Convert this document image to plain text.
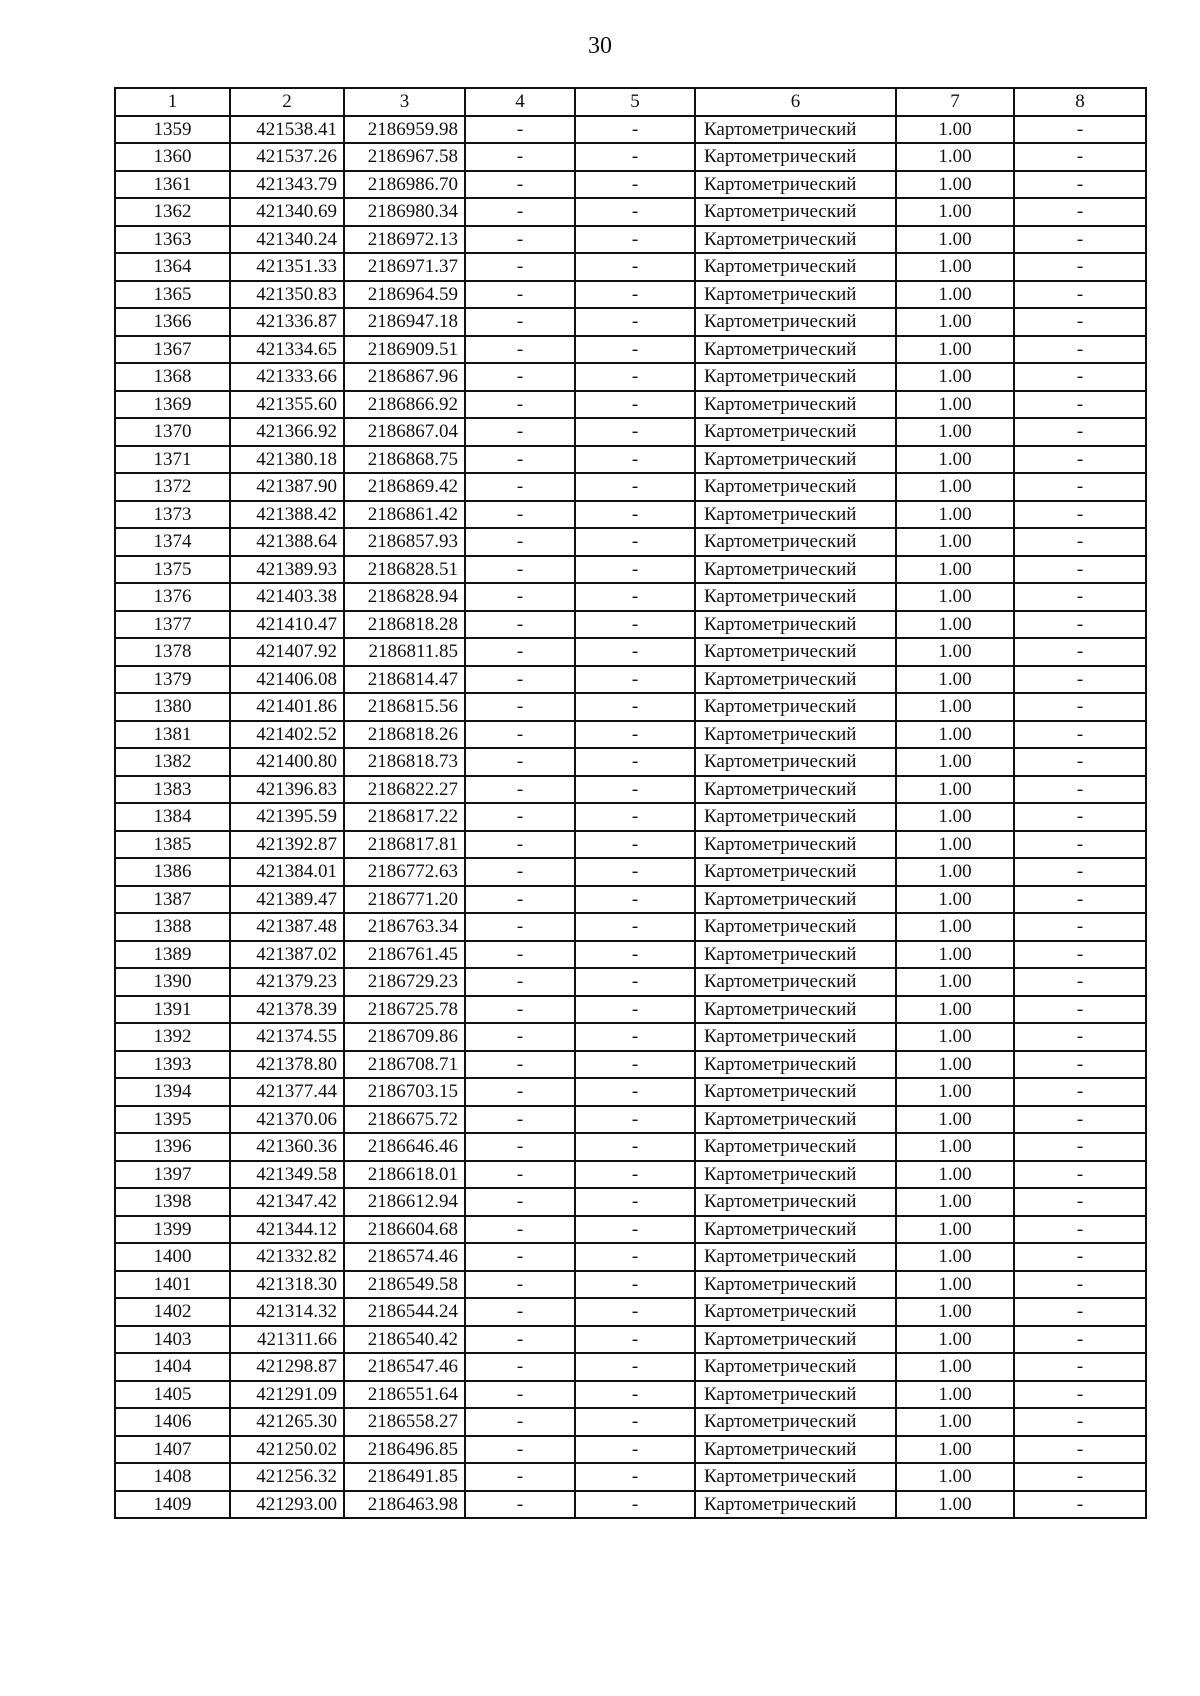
30
1	2	3	4	5	6	7	8
1359	421538.41	2186959.98	-	-	Картометрический	1.00	-
1360	421537.26	2186967.58	-	-	Картометрический	1.00	-
1361	421343.79	2186986.70	-	-	Картометрический	1.00	-
1362	421340.69	2186980.34	-	-	Картометрический	1.00	-
1363	421340.24	2186972.13	-	-	Картометрический	1.00	-
1364	421351.33	2186971.37	-	-	Картометрический	1.00	-
1365	421350.83	2186964.59	-	-	Картометрический	1.00	-
1366	421336.87	2186947.18	-	-	Картометрический	1.00	-
1367	421334.65	2186909.51	-	-	Картометрический	1.00	-
1368	421333.66	2186867.96	-	-	Картометрический	1.00	-
1369	421355.60	2186866.92	-	-	Картометрический	1.00	-
1370	421366.92	2186867.04	-	-	Картометрический	1.00	-
1371	421380.18	2186868.75	-	-	Картометрический	1.00	-
1372	421387.90	2186869.42	-	-	Картометрический	1.00	-
1373	421388.42	2186861.42	-	-	Картометрический	1.00	-
1374	421388.64	2186857.93	-	-	Картометрический	1.00	-
1375	421389.93	2186828.51	-	-	Картометрический	1.00	-
1376	421403.38	2186828.94	-	-	Картометрический	1.00	-
1377	421410.47	2186818.28	-	-	Картометрический	1.00	-
1378	421407.92	2186811.85	-	-	Картометрический	1.00	-
1379	421406.08	2186814.47	-	-	Картометрический	1.00	-
1380	421401.86	2186815.56	-	-	Картометрический	1.00	-
1381	421402.52	2186818.26	-	-	Картометрический	1.00	-
1382	421400.80	2186818.73	-	-	Картометрический	1.00	-
1383	421396.83	2186822.27	-	-	Картометрический	1.00	-
1384	421395.59	2186817.22	-	-	Картометрический	1.00	-
1385	421392.87	2186817.81	-	-	Картометрический	1.00	-
1386	421384.01	2186772.63	-	-	Картометрический	1.00	-
1387	421389.47	2186771.20	-	-	Картометрический	1.00	-
1388	421387.48	2186763.34	-	-	Картометрический	1.00	-
1389	421387.02	2186761.45	-	-	Картометрический	1.00	-
1390	421379.23	2186729.23	-	-	Картометрический	1.00	-
1391	421378.39	2186725.78	-	-	Картометрический	1.00	-
1392	421374.55	2186709.86	-	-	Картометрический	1.00	-
1393	421378.80	2186708.71	-	-	Картометрический	1.00	-
1394	421377.44	2186703.15	-	-	Картометрический	1.00	-
1395	421370.06	2186675.72	-	-	Картометрический	1.00	-
1396	421360.36	2186646.46	-	-	Картометрический	1.00	-
1397	421349.58	2186618.01	-	-	Картометрический	1.00	-
1398	421347.42	2186612.94	-	-	Картометрический	1.00	-
1399	421344.12	2186604.68	-	-	Картометрический	1.00	-
1400	421332.82	2186574.46	-	-	Картометрический	1.00	-
1401	421318.30	2186549.58	-	-	Картометрический	1.00	-
1402	421314.32	2186544.24	-	-	Картометрический	1.00	-
1403	421311.66	2186540.42	-	-	Картометрический	1.00	-
1404	421298.87	2186547.46	-	-	Картометрический	1.00	-
1405	421291.09	2186551.64	-	-	Картометрический	1.00	-
1406	421265.30	2186558.27	-	-	Картометрический	1.00	-
1407	421250.02	2186496.85	-	-	Картометрический	1.00	-
1408	421256.32	2186491.85	-	-	Картометрический	1.00	-
1409	421293.00	2186463.98	-	-	Картометрический	1.00	-
